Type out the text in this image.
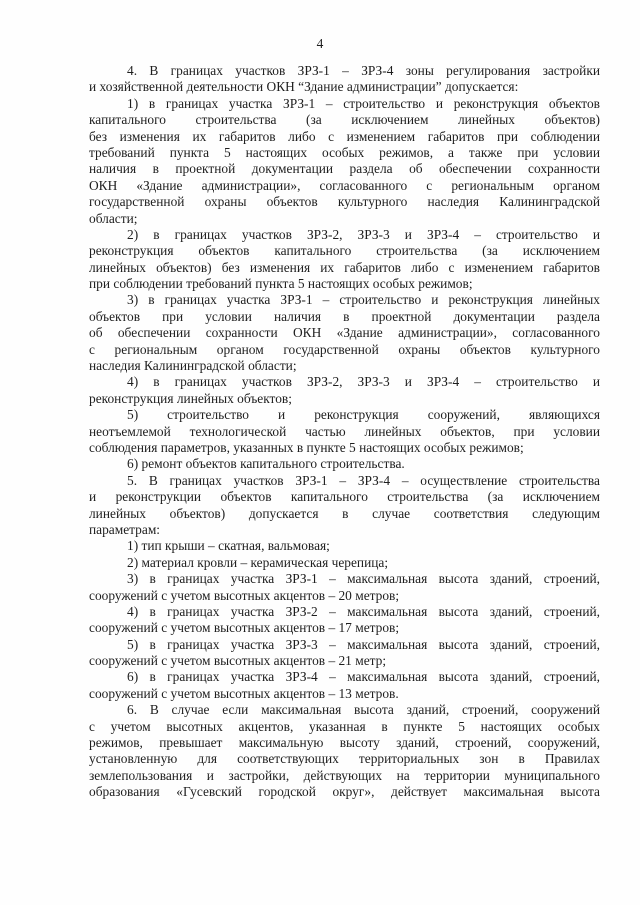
4
4. В границах участков ЗРЗ-1 – ЗРЗ-4 зоны регулирования застройки
и хозяйственной деятельности ОКН “Здание администрации” допускается:
1) в границах участка ЗРЗ-1 – строительство и реконструкция объектов
капитального строительства (за исключением линейных объектов)
без изменения их габаритов либо с изменением габаритов при соблюдении
требований пункта 5 настоящих особых режимов, а также при условии
наличия в проектной документации раздела об обеспечении сохранности
ОКН «Здание администрации», согласованного с региональным органом
государственной охраны объектов культурного наследия Калининградской
области;
2) в границах участков ЗРЗ-2, ЗРЗ-3 и ЗРЗ-4 – строительство и
реконструкция объектов капитального строительства (за исключением
линейных объектов) без изменения их габаритов либо с изменением габаритов
при соблюдении требований пункта 5 настоящих особых режимов;
3) в границах участка ЗРЗ-1 – строительство и реконструкция линейных
объектов при условии наличия в проектной документации раздела
об обеспечении сохранности ОКН «Здание администрации», согласованного
с региональным органом государственной охраны объектов культурного
наследия Калининградской области;
4) в границах участков ЗРЗ-2, ЗРЗ-3 и ЗРЗ-4 – строительство и
реконструкция линейных объектов;
5) строительство и реконструкция сооружений, являющихся
неотъемлемой технологической частью линейных объектов, при условии
соблюдения параметров, указанных в пункте 5 настоящих особых режимов;
6) ремонт объектов капитального строительства.
5. В границах участков ЗРЗ-1 – ЗРЗ-4 – осуществление строительства
и реконструкции объектов капитального строительства (за исключением
линейных объектов) допускается в случае соответствия следующим
параметрам:
1) тип крыши – скатная, вальмовая;
2) материал кровли – керамическая черепица;
3) в границах участка ЗРЗ-1 – максимальная высота зданий, строений,
сооружений с учетом высотных акцентов – 20 метров;
4) в границах участка ЗРЗ-2 – максимальная высота зданий, строений,
сооружений с учетом высотных акцентов – 17 метров;
5) в границах участка ЗРЗ-3 – максимальная высота зданий, строений,
сооружений с учетом высотных акцентов – 21 метр;
6) в границах участка ЗРЗ-4 – максимальная высота зданий, строений,
сооружений с учетом высотных акцентов – 13 метров.
6. В случае если максимальная высота зданий, строений, сооружений
с учетом высотных акцентов, указанная в пункте 5 настоящих особых
режимов, превышает максимальную высоту зданий, строений, сооружений,
установленную для соответствующих территориальных зон в Правилах
землепользования и застройки, действующих на территории муниципального
образования «Гусевский городской округ», действует максимальная высота
